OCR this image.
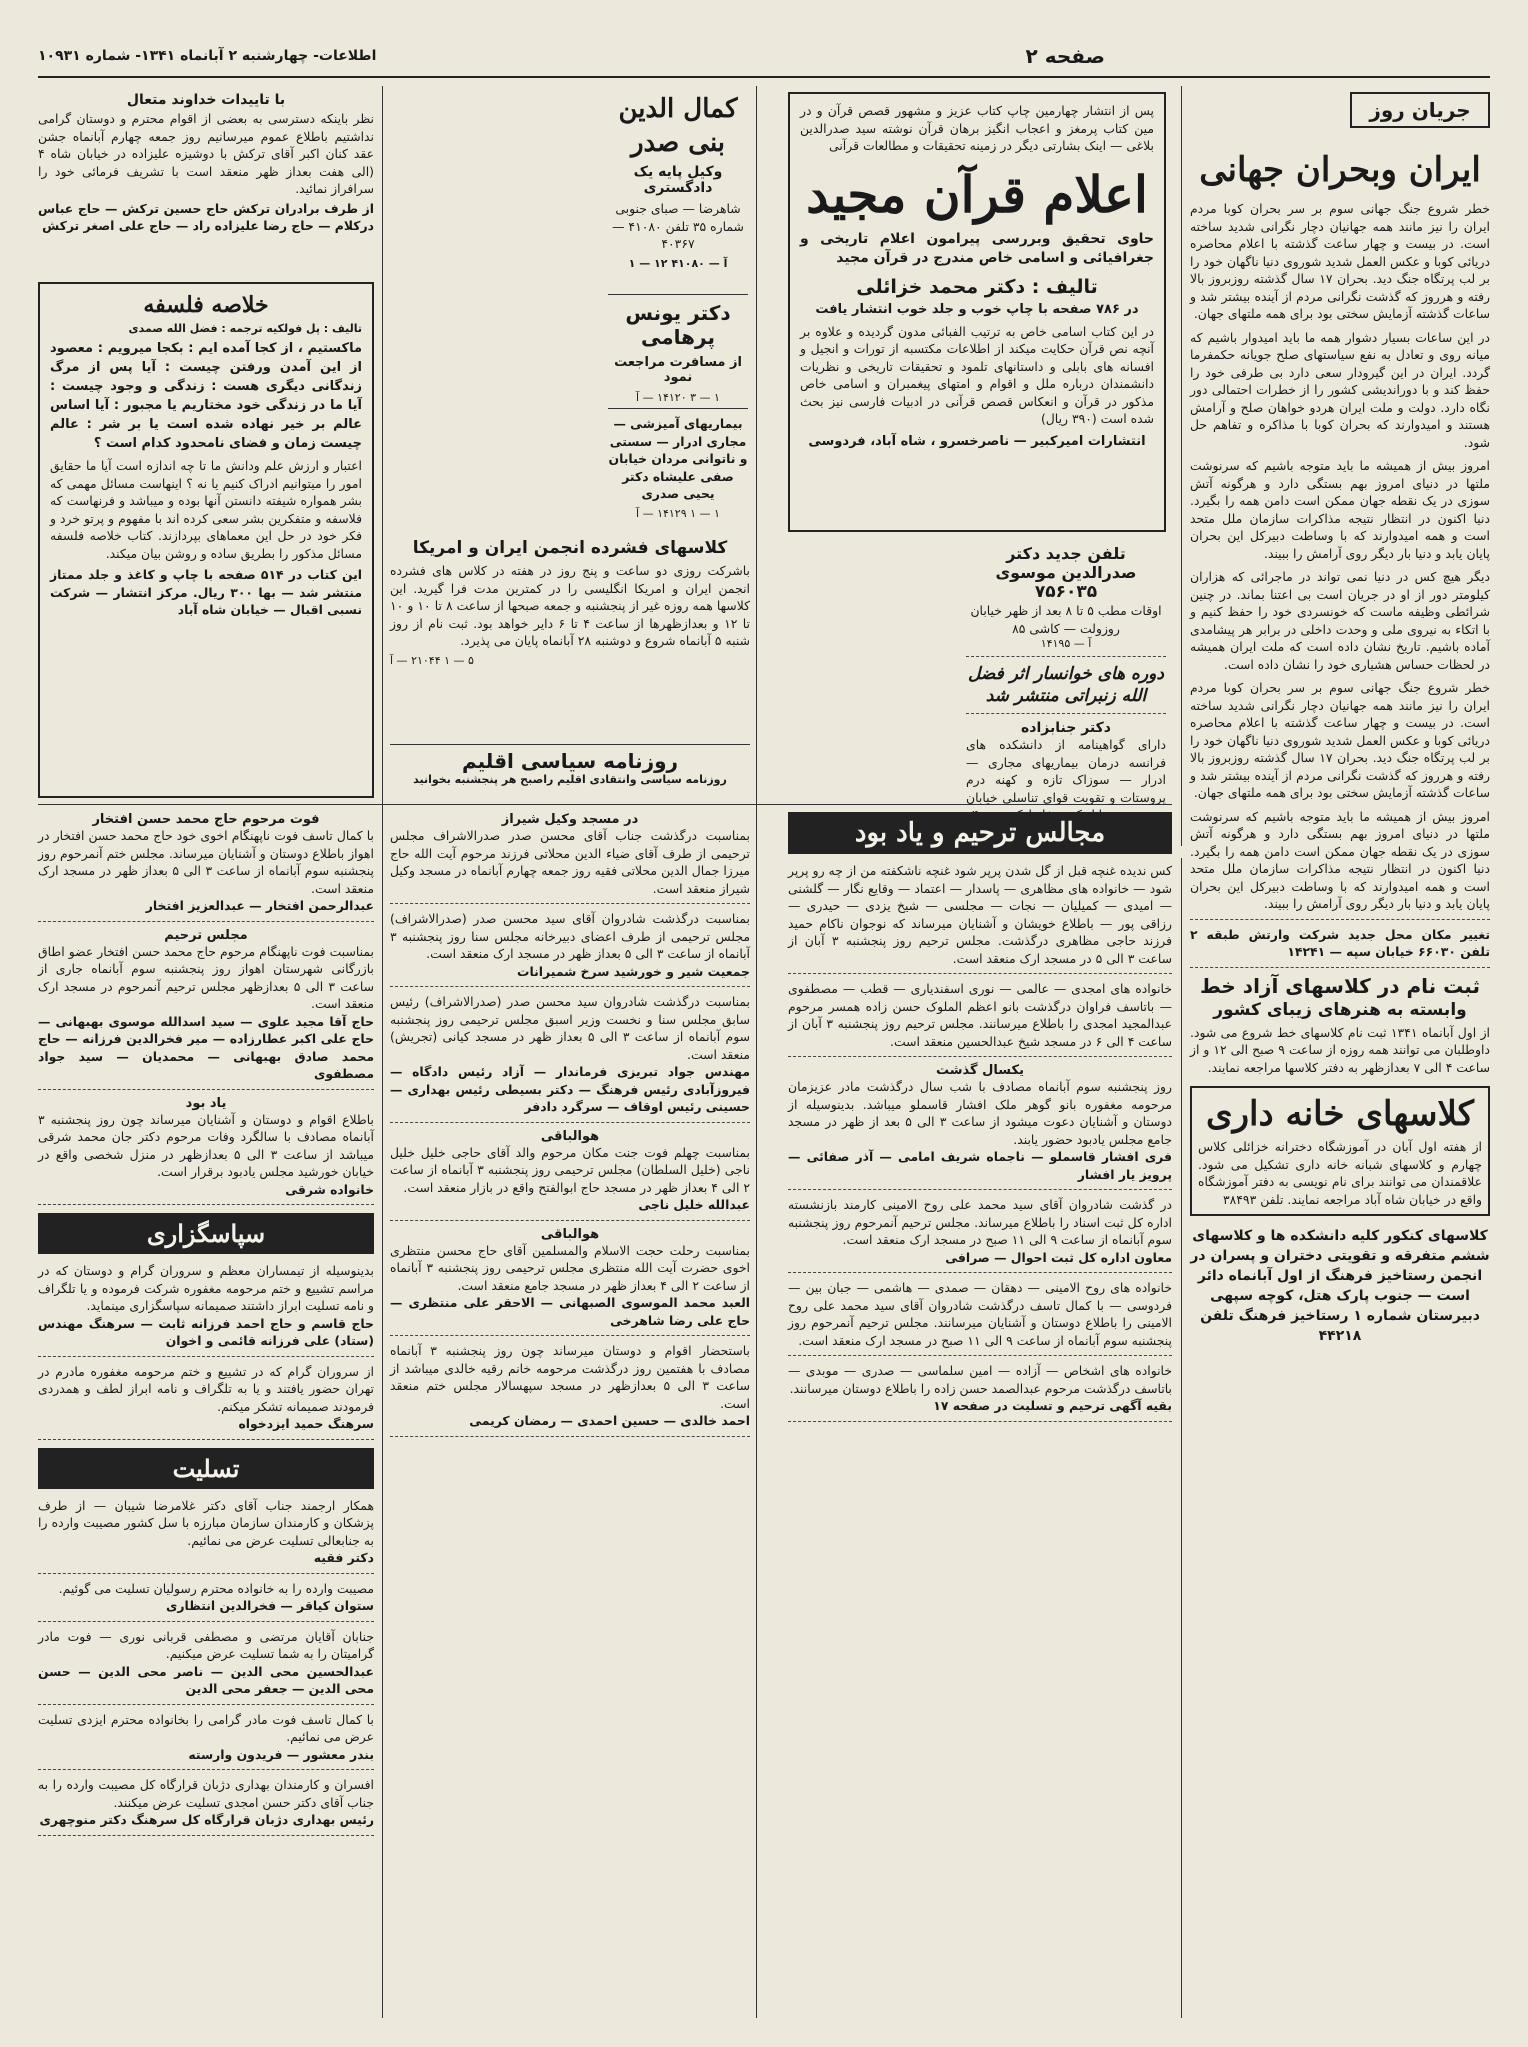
صفحه ۲
اطلاعات- چهارشنبه ۲ آبانماه ۱۳۴۱- شماره ۱۰۹۳۱
جریان روز
ایران وبحران جهانی

خطر شروع جنگ جهانی سوم بر سر بحران کوبا مردم ایران را نیز مانند همه جهانیان دچار نگرانی شدید ساخته است. در بیست و چهار ساعت گذشته با اعلام محاصره دریائی کوبا و عکس العمل شدید شوروی دنیا ناگهان خود را بر لب پرتگاه جنگ دید. بحران ۱۷ سال گذشته روزبروز بالا رفته و هرروز که گذشت نگرانی مردم از آینده بیشتر شد و ساعات گذشته آزمایش سختی بود برای همه ملتهای جهان.

در این ساعات بسیار دشوار همه ما باید امیدوار باشیم که میانه روی و تعادل به نفع سیاستهای صلح جویانه حکمفرما گردد. ایران در این گیرودار سعی دارد بی طرفی خود را حفظ کند و با دوراندیشی کشور را از خطرات احتمالی دور نگاه دارد. دولت و ملت ایران هردو خواهان صلح و آرامش هستند و امیدوارند که بحران کوبا با مذاکره و تفاهم حل شود.

امروز بیش از همیشه ما باید متوجه باشیم که سرنوشت ملتها در دنیای امروز بهم بستگی دارد و هرگونه آتش سوزی در یک نقطه جهان ممکن است دامن همه را بگیرد. دنیا اکنون در انتظار نتیجه مذاکرات سازمان ملل متحد است و همه امیدوارند که با وساطت دبیرکل این بحران پایان یابد و دنیا بار دیگر روی آرامش را ببیند.

دیگر هیچ کس در دنیا نمی تواند در ماجرائی که هزاران کیلومتر دور از او در جریان است بی اعتنا بماند. در چنین شرائطی وظیفه ماست که خونسردی خود را حفظ کنیم و با اتکاء به نیروی ملی و وحدت داخلی در برابر هر پیشامدی آماده باشیم. تاریخ نشان داده است که ملت ایران همیشه در لحظات حساس هشیاری خود را نشان داده است.

خطر شروع جنگ جهانی سوم بر سر بحران کوبا مردم ایران را نیز مانند همه جهانیان دچار نگرانی شدید ساخته است. در بیست و چهار ساعت گذشته با اعلام محاصره دریائی کوبا و عکس العمل شدید شوروی دنیا ناگهان خود را بر لب پرتگاه جنگ دید. بحران ۱۷ سال گذشته روزبروز بالا رفته و هرروز که گذشت نگرانی مردم از آینده بیشتر شد و ساعات گذشته آزمایش سختی بود برای همه ملتهای جهان.

امروز بیش از همیشه ما باید متوجه باشیم که سرنوشت ملتها در دنیای امروز بهم بستگی دارد و هرگونه آتش سوزی در یک نقطه جهان ممکن است دامن همه را بگیرد. دنیا اکنون در انتظار نتیجه مذاکرات سازمان ملل متحد است و همه امیدوارند که با وساطت دبیرکل این بحران پایان یابد و دنیا بار دیگر روی آرامش را ببیند.

تغییر مکان محل جدید شرکت وارتش طبقه ۲ تلفن ۶۶۰۳۰ خیابان سپه — ۱۴۲۴۱

ثبت نام در کلاسهای آزاد خط
وابسته به هنرهای زیبای کشور

از اول آبانماه ۱۳۴۱ ثبت نام کلاسهای خط شروع می شود. داوطلبان می توانند همه روزه از ساعت ۹ صبح الی ۱۲ و از ساعت ۴ الی ۷ بعدازظهر به دفتر کلاسها مراجعه نمایند.

کلاسهای خانه داری

از هفته اول آبان در آموزشگاه دخترانه خزائلی کلاس چهارم و کلاسهای شبانه خانه داری تشکیل می شود. علاقمندان می توانند برای نام نویسی به دفتر آموزشگاه واقع در خیابان شاه آباد مراجعه نمایند. تلفن ۳۸۴۹۳

کلاسهای کنکور کلیه دانشکده ها و کلاسهای ششم متفرقه و تقویتی دختران و پسران در انجمن رستاخیز فرهنگ از اول آبانماه دائر است — جنوب پارک هتل، کوچه سپهی دبیرستان شماره ۱ رستاخیز فرهنگ تلفن ۴۴۲۱۸

پس از انتشار چهارمین چاپ کتاب عزیز و مشهور قصص قرآن و در مین کتاب پرمغز و اعجاب انگیز برهان قرآن نوشته سید صدرالدین بلاغی — اینک بشارتی دیگر در زمینه تحقیقات و مطالعات قرآنی

اعلام قرآن مجید

حاوی تحقیق وبررسی پیرامون اعلام تاریخی و جغرافیائی و اسامی خاص مندرج در قرآن مجید

تالیف : دکتر محمد خزائلی
در ۷۸۶ صفحه با چاپ خوب و جلد خوب انتشار یافت

در این کتاب اسامی خاص به ترتیب الفبائی مدون گردیده و علاوه بر آنچه نص قرآن حکایت میکند از اطلاعات مکتسبه از تورات و انجیل و افسانه های بابلی و داستانهای تلمود و تحقیقات تاریخی و نظریات دانشمندان درباره ملل و اقوام و امتهای پیغمبران و اسامی خاص مذکور در قرآن و انعکاس قصص قرآنی در ادبیات فارسی نیز بحث شده است (۳۹۰ ریال)

انتشارات امیرکبیر — ناصرخسرو ، شاه آباد، فردوسی
کمال الدین بنی صدر
وکیل پایه یک دادگستری

شاهرضا — صبای جنوبی شماره ۳۵ تلفن ۴۱۰۸۰ — ۴۰۳۶۷

آ — ۴۱۰۸۰ ۱۲ — ۱
دکتر یونس پرهامی
از مسافرت مراجعت نمود
۱ — ۳ ۱۴۱۲۰ — آ

بیماریهای آمیزشی — مجاری ادرار — سستی و ناتوانی مردان خیابان صفی علیشاه دکتر یحیی صدری

۱ — ۱ ۱۴۱۲۹ — آ
تلفن جدید دکتر صدرالدین موسوی
۷۵۶۰۳۵

اوقات مطب ۵ تا ۸ بعد از ظهر خیابان روزولت — کاشی ۸۵

آ — ۱۴۱۹۵
دوره های خوانسار اثر فضل الله زنبراتی منتشر شد
دکتر جنابزاده

دارای گواهینامه از دانشکده های فرانسه درمان بیماریهای مجاری — ادرار — سوزاک تازه و کهنه درم پروستات و تقویت قوای تناسلی خیابان

کلاسهای فشرده انجمن ایران و امریکا

باشرکت روزی دو ساعت و پنج روز در هفته در کلاس های فشرده انجمن ایران و امریکا انگلیسی را در کمترین مدت فرا گیرید. این کلاسها همه روزه غیر از پنجشنبه و جمعه صبحها از ساعت ۸ تا ۱۰ و ۱۰ تا ۱۲ و بعدازظهرها از ساعت ۴ تا ۶ دایر خواهد بود. ثبت نام از روز شنبه ۵ آبانماه شروع و دوشنبه ۲۸ آبانماه پایان می پذیرد.

۵ — ۱ ۲۱۰۴۴ — آ
روزنامه سیاسی اقلیم
روزنامه سیاسی وانتقادی اقلیم راصبح هر پنجشنبه بخوانید
با تاییدات خداوند متعال

نظر باینکه دسترسی به بعضی از اقوام محترم و دوستان گرامی نداشتیم باطلاع عموم میرسانیم روز جمعه چهارم آبانماه جشن عقد کنان اکبر آقای ترکش با دوشیزه علیزاده در خیابان شاه ۴ (الی هفت بعداز ظهر منعقد است با تشریف فرمائی خود را سرافراز نمائید.

از طرف برادران ترکش حاج حسین ترکش — حاج عباس درکلام — حاج رضا علیزاده راد — حاج علی اصغر ترکش

خلاصه فلسفه
تالیف : پل فولکیه ترجمه : فضل الله صمدی

ماکستیم ، از کجا آمده ایم : بکجا میرویم : معصود از این آمدن ورفتن چیست : آیا پس از مرگ زندگانی دیگری هست : زندگی و وجود چیست : آیا ما در زندگی خود مختاریم یا مجبور : آیا اساس عالم بر خیر نهاده شده است یا بر شر : عالم چیست زمان و فضای نامحدود کدام است ؟

اعتبار و ارزش علم ودانش ما تا چه اندازه است آیا ما حقایق امور را میتوانیم ادراک کنیم یا نه ؟ اینهاست مسائل مهمی که بشر همواره شیفته دانستن آنها بوده و میباشد و فرنهاست که فلاسفه و متفکرین بشر سعی کرده اند با مفهوم و پرتو خرد و فکر خود در حل این معماهای بپردازند. کتاب خلاصه فلسفه مسائل مذکور را بطریق ساده و روشن بیان میکند.

این کتاب در ۵۱۴ صفحه با چاپ و کاغذ و جلد ممتاز منتشر شد — بها ۳۰۰ ریال. مرکز انتشار — شرکت نسبی اقبال — خیابان شاه آباد

مجالس ترحیم و یاد بود

کس ندیده غنچه قبل از گل شدن پرپر شود غنچه ناشکفته من از چه رو پرپر شود — خانواده های مظاهری — پاسدار — اعتماد — وقایع نگار — گلشنی — امیدی — کمیلیان — نجات — مجلسی — شیخ یزدی — حیدری — رزاقی پور — باطلاع خویشان و آشنایان میرساند که نوجوان ناکام حمید فرزند حاجی مظاهری درگذشت. مجلس ترحیم روز پنجشنبه ۳ آبان از ساعت ۳ الی ۵ در مسجد ارک منعقد است.

خانواده های امجدی — عالمی — نوری اسفندیاری — قطب — مصطفوی — باتاسف فراوان درگذشت بانو اعظم الملوک حسن زاده همسر مرحوم عبدالمجید امجدی را باطلاع میرسانند. مجلس ترحیم روز پنجشنبه ۳ آبان از ساعت ۴ الی ۶ در مسجد شیخ عبدالحسین منعقد است.

یکسال گذشت

روز پنجشنبه سوم آبانماه مصادف با شب سال درگذشت مادر عزیزمان مرحومه مغفوره بانو گوهر ملک افشار قاسملو میباشد. بدینوسیله از دوستان و آشنایان دعوت میشود از ساعت ۳ الی ۵ بعد از ظهر در مسجد جامع مجلس یادبود حضور یابند.

فری افشار قاسملو — ناجماه شریف امامی — آذر صفائی — پرویز یار افشار

در گذشت شادروان آقای سید محمد علی روح الامینی کارمند بازنشسته اداره کل ثبت اسناد را باطلاع میرساند. مجلس ترحیم آنمرحوم روز پنجشنبه سوم آبانماه از ساعت ۹ الی ۱۱ صبح در مسجد ارک منعقد است.

معاون اداره کل ثبت احوال — صرافی

خانواده های روح الامینی — دهقان — صمدی — هاشمی — جبان بین — فردوسی — با کمال تاسف درگذشت شادروان آقای سید محمد علی روح الامینی را باطلاع دوستان و آشنایان میرسانند. مجلس ترحیم آنمرحوم روز پنجشنبه سوم آبانماه از ساعت ۹ الی ۱۱ صبح در مسجد ارک منعقد است.

خانواده های اشخاص — آزاده — امین سلماسی — صدری — موبدی — باتاسف درگذشت مرحوم عبدالصمد حسن زاده را باطلاع دوستان میرسانند.

بقیه آگهی ترحیم و تسلیت در صفحه ۱۷

در مسجد وکیل شیراز

بمناسبت درگذشت جناب آقای محسن صدر صدرالاشراف مجلس ترحیمی از طرف آقای ضیاء الدین محلاتی فرزند مرحوم آیت الله حاج میرزا جمال الدین محلاتی فقیه روز جمعه چهارم آبانماه در مسجد وکیل شیراز منعقد است.

بمناسبت درگذشت شادروان آقای سید محسن صدر (صدرالاشراف) مجلس ترحیمی از طرف اعضای دبیرخانه مجلس سنا روز پنجشنبه ۳ آبانماه از ساعت ۳ الی ۵ بعداز ظهر در مسجد ارک منعقد است.

جمعیت شیر و خورشید سرخ شمیرانات

بمناسبت درگذشت شادروان سید محسن صدر (صدرالاشراف) رئیس سابق مجلس سنا و نخست وزیر اسبق مجلس ترحیمی روز پنجشنبه سوم آبانماه از ساعت ۳ الی ۵ بعداز ظهر در مسجد کیانی (تجریش) منعقد است.

مهندس جواد تبریزی فرماندار — آزاد رئیس دادگاه — فیروزآبادی رئیس فرهنگ — دکتر بسیطی رئیس بهداری — حسینی رئیس اوقاف — سرگرد دادفر

هوالباقی

بمناسبت چهلم فوت جنت مکان مرحوم والد آقای حاجی خلیل خلیل ناجی (خلیل السلطان) مجلس ترحیمی روز پنجشنبه ۳ آبانماه از ساعت ۲ الی ۴ بعداز ظهر در مسجد حاج ابوالفتح واقع در بازار منعقد است.

عبدالله خلیل ناجی

هوالباقی

بمناسبت رحلت حجت الاسلام والمسلمین آقای حاج محسن منتظری اخوی حضرت آیت الله منتظری مجلس ترحیمی روز پنجشنبه ۳ آبانماه از ساعت ۲ الی ۴ بعداز ظهر در مسجد جامع منعقد است.

العبد محمد الموسوی الصبهانی — الاحقر علی منتظری — حاج علی رضا شاهرخی

باستحضار اقوام و دوستان میرساند چون روز پنجشنبه ۳ آبانماه مصادف با هفتمین روز درگذشت مرحومه خانم رقیه خالدی میباشد از ساعت ۳ الی ۵ بعدازظهر در مسجد سپهسالار مجلس ختم منعقد است.

احمد خالدی — حسین احمدی — رمضان کریمی

فوت مرحوم حاج محمد حسن افتخار

با کمال تاسف فوت ناپهنگام اخوی خود حاج محمد حسن افتخار در اهواز باطلاع دوستان و آشنایان میرساند. مجلس ختم آنمرحوم روز پنجشنبه سوم آبانماه از ساعت ۳ الی ۵ بعداز ظهر در مسجد ارک منعقد است.

عبدالرحمن افتخار — عبدالعزیز افتخار

مجلس ترحیم

بمناسبت فوت ناپهنگام مرحوم حاج محمد حسن افتخار عضو اطاق بازرگانی شهرستان اهواز روز پنجشنبه سوم آبانماه جاری از ساعت ۳ الی ۵ بعدازظهر مجلس ترحیم آنمرحوم در مسجد ارک منعقد است.

حاج آقا مجید علوی — سید اسدالله موسوی بهبهانی — حاج علی اکبر عطارزاده — میر فخرالدین فرزانه — حاج محمد صادق بهبهانی — محمدیان — سید جواد مصطفوی

یاد بود

باطلاع اقوام و دوستان و آشنایان میرساند چون روز پنجشنبه ۳ آبانماه مصادف با سالگرد وفات مرحوم دکتر جان محمد شرقی میباشد از ساعت ۳ الی ۵ بعدازظهر در منزل شخصی واقع در خیابان خورشید مجلس یادبود برقرار است.

خانواده شرقی

سپاسگزاری

بدینوسیله از تیمساران معظم و سروران گرام و دوستان که در مراسم تشییع و ختم مرحومه مغفوره شرکت فرموده و یا تلگراف و نامه تسلیت ابراز داشتند صمیمانه سپاسگزاری مینماید.

حاج قاسم و حاج احمد فرزانه ثابت — سرهنگ مهندس (ستاد) علی فرزانه قائمی و اخوان

از سروران گرام که در تشییع و ختم مرحومه مغفوره مادرم در تهران حضور یافتند و یا به تلگراف و نامه ابراز لطف و همدردی فرمودند صمیمانه تشکر میکنم.

سرهنگ حمید ایزدخواه

تسلیت

همکار ارجمند جناب آقای دکتر غلامرضا شیبان — از طرف پزشکان و کارمندان سازمان مبارزه با سل کشور مصیبت وارده را به جنابعالی تسلیت عرض می نمائیم.

دکتر فقیه

مصیبت وارده را به خانواده محترم رسولیان تسلیت می گوئیم.

ستوان کیاقر — فخرالدین انتظاری

جنابان آقایان مرتضی و مصطفی قربانی نوری — فوت مادر گرامیتان را به شما تسلیت عرض میکنیم.

عبدالحسین محی الدین — ناصر محی الدین — حسن محی الدین — جعفر محی الدین

با کمال تاسف فوت مادر گرامی را بخانواده محترم ایزدی تسلیت عرض می نمائیم.

بندر معشور — فریدون وارسته

افسران و کارمندان بهداری دژبان قرارگاه کل مصیبت وارده را به جناب آقای دکتر حسن امجدی تسلیت عرض میکنند.

رئیس بهداری دژبان قرارگاه کل سرهنگ دکتر منوچهری
